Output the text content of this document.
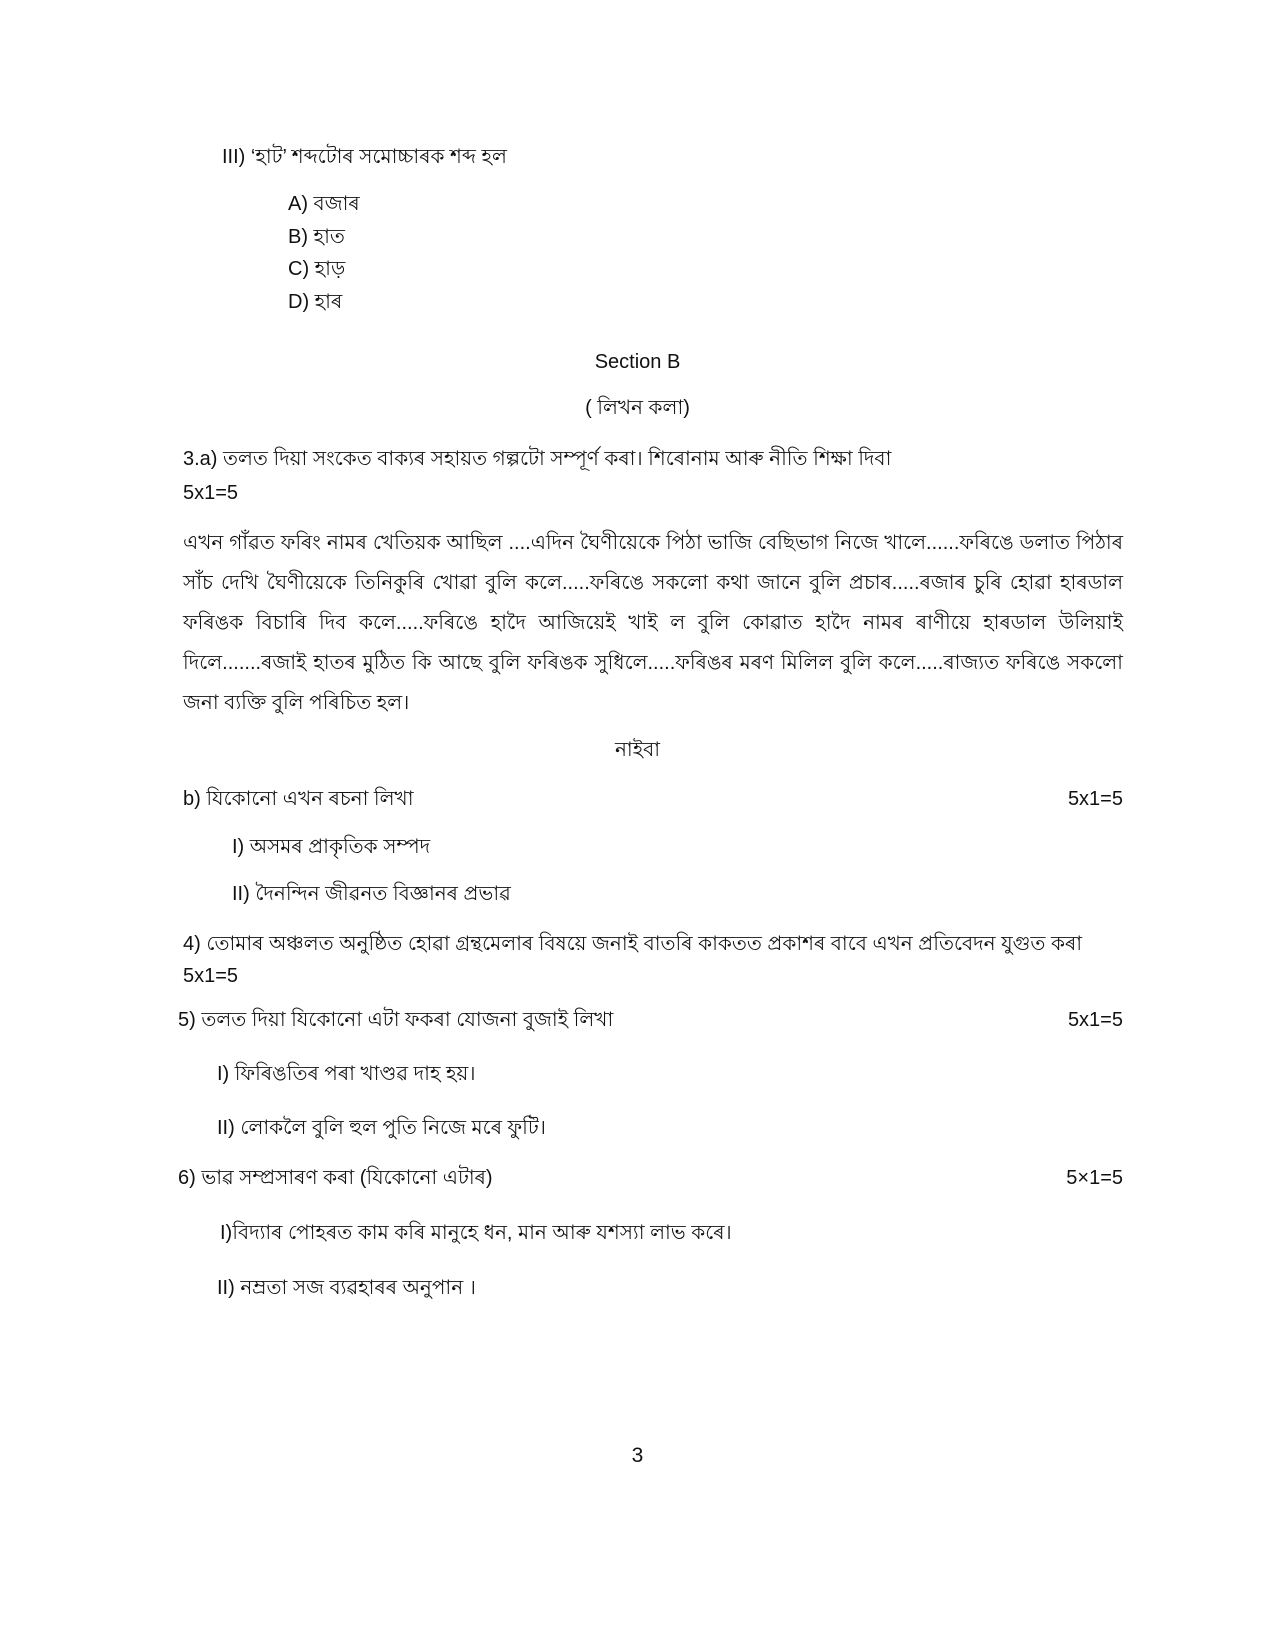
III) ‘হাট’ শব্দটোৰ সমোচ্চাৰক শব্দ হল
A) বজাৰ
B) হাত
C) হাড়
D) হাৰ
Section B
( লিখন কলা)
3.a) তলত দিয়া সংকেত বাক্যৰ সহায়ত গল্পটো সম্পূৰ্ণ কৰা। শিৰোনাম আৰু নীতি শিক্ষা দিবা
5x1=5
এখন গাঁৱত ফৰিং নামৰ খেতিয়ক আছিল ....এদিন ঘৈণীয়েকে পিঠা ভাজি বেছিভাগ নিজে খালে......ফৰিঙে ডলাত পিঠাৰ সাঁচ দেখি ঘৈণীয়েকে তিনিকুৰি খোৱা বুলি কলে.....ফৰিঙে সকলো কথা জানে বুলি প্ৰচাৰ.....ৰজাৰ চুৰি হোৱা হাৰডাল ফৰিঙক বিচাৰি দিব কলে.....ফৰিঙে হাদৈ আজিয়েই খাই ল বুলি কোৱাত হাদৈ নামৰ ৰাণীয়ে হাৰডাল উলিয়াই দিলে.......ৰজাই হাতৰ মুঠিত কি আছে বুলি ফৰিঙক সুধিলে.....ফৰিঙৰ মৰণ মিলিল বুলি কলে.....ৰাজ্যত ফৰিঙে সকলো জনা ব্যক্তি বুলি পৰিচিত হল।
নাইবা
b) যিকোনো এখন ৰচনা লিখা	5x1=5
I) অসমৰ প্ৰাকৃতিক সম্পদ
II) দৈনন্দিন জীৱনত বিজ্ঞানৰ প্ৰভাৱ
4) তোমাৰ অঞ্চলত অনুষ্ঠিত হোৱা গ্ৰন্থমেলাৰ বিষয়ে জনাই বাতৰি কাকতত প্ৰকাশৰ বাবে এখন প্ৰতিবেদন যুগুত কৰা
5x1=5
5) তলত দিয়া যিকোনো এটা ফকৰা যোজনা বুজাই লিখা	5x1=5
I) ফিৰিঙতিৰ পৰা খাণ্ডৱ দাহ হয়।
II) লোকলৈ বুলি হুল পুতি নিজে মৰে ফুটি।
6) ভাৱ সম্প্ৰসাৰণ কৰা (যিকোনো এটাৰ)	5×1=5
I)বিদ্যাৰ পোহৰত কাম কৰি মানুহে ধন, মান আৰু যশস্যা লাভ কৰে।
II) নম্ৰতা সজ ব্যৱহাৰৰ অনুপান ।
3
